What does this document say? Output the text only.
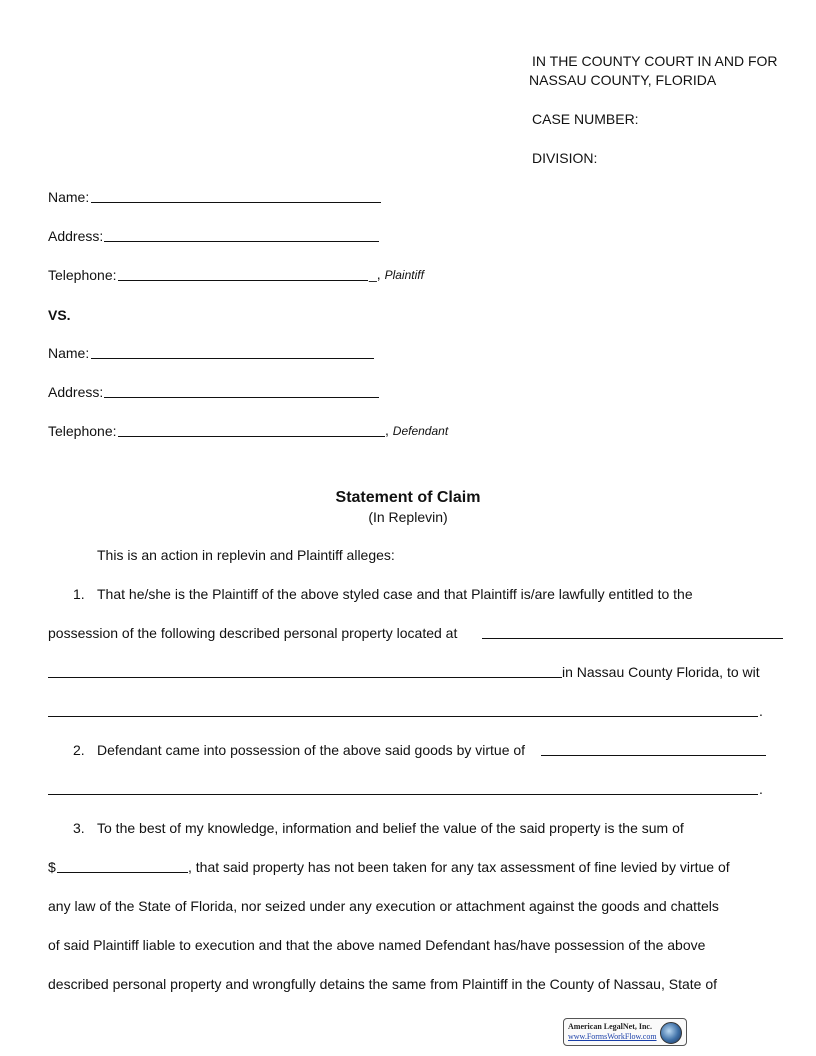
IN THE COUNTY COURT IN AND FOR
NASSAU COUNTY, FLORIDA
CASE NUMBER:
DIVISION:
Name:
Address:
Telephone:	_, Plaintiff
VS.
Name:
Address:
Telephone:	, Defendant
Statement of Claim
(In Replevin)
This is an action in replevin and Plaintiff alleges:
1. That he/she is the Plaintiff of the above styled case and that Plaintiff is/are lawfully entitled to the
possession of the following described personal property located at
in Nassau County Florida, to wit
.
2. Defendant came into possession of the above said goods by virtue of
.
3. To the best of my knowledge, information and belief the value of the said property is the sum of
$	, that said property has not been taken for any tax assessment of fine levied by virtue of
any law of the State of Florida, nor seized under any execution or attachment against the goods and chattels
of said Plaintiff liable to execution and that the above named Defendant has/have possession of the above
described personal property and wrongfully detains the same from Plaintiff in the County of Nassau, State of
American LegalNet, Inc.
www.FormsWorkFlow.com
